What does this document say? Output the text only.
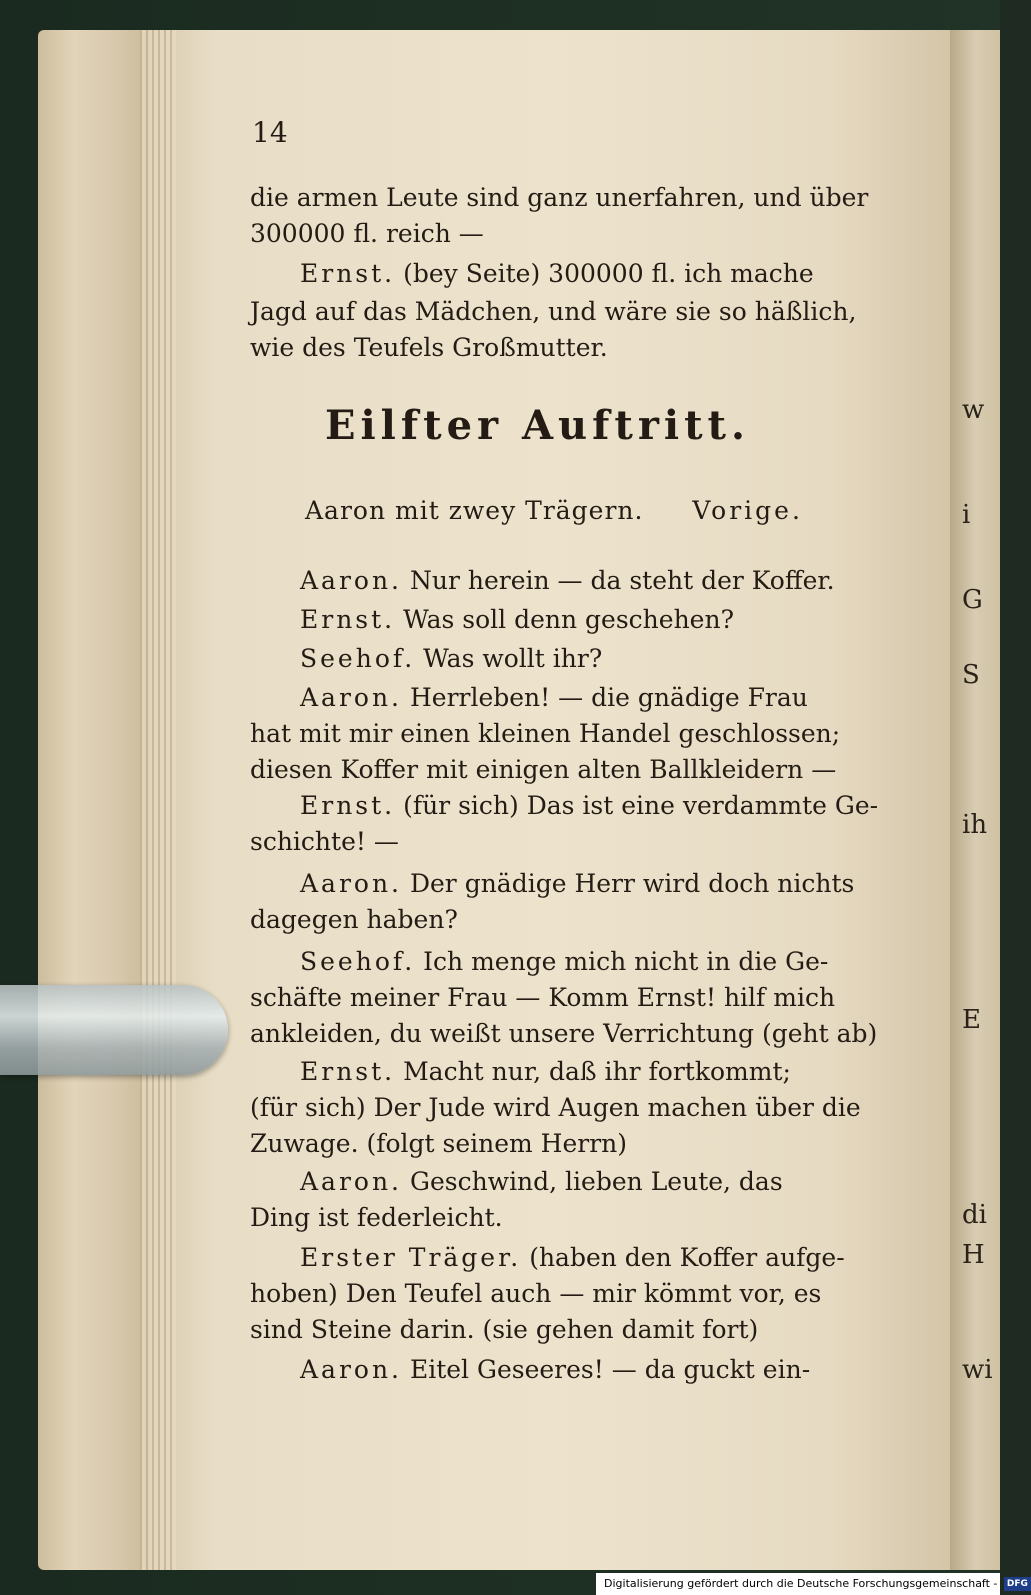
w
i
G
S
ih
E
di
H
wi
14
die armen Leute sind ganz unerfahren, und über
300000 fl. reich —
Ernst. (bey Seite) 300000 fl. ich mache
Jagd auf das Mädchen, und wäre sie so häßlich,
wie des Teufels Großmutter.
Eilfter Auftritt.
Aaron mit zwey Trägern. Vorige.
Aaron. Nur herein — da steht der Koffer.
Ernst. Was soll denn geschehen?
Seehof. Was wollt ihr?
Aaron. Herrleben! — die gnädige Frau
hat mit mir einen kleinen Handel geschlossen;
diesen Koffer mit einigen alten Ballkleidern —
Ernst. (für sich) Das ist eine verdammte Ge-
schichte! —
Aaron. Der gnädige Herr wird doch nichts
dagegen haben?
Seehof. Ich menge mich nicht in die Ge-
schäfte meiner Frau — Komm Ernst! hilf mich
ankleiden, du weißt unsere Verrichtung (geht ab)
Ernst. Macht nur, daß ihr fortkommt;
(für sich) Der Jude wird Augen machen über die
Zuwage. (folgt seinem Herrn)
Aaron. Geschwind, lieben Leute, das
Ding ist federleicht.
Erster Träger. (haben den Koffer aufge-
hoben) Den Teufel auch — mir kömmt vor, es
sind Steine darin. (sie gehen damit fort)
Aaron. Eitel Geseeres! — da guckt ein-
Digitalisierung gefördert durch die Deutsche Forschungsgemeinschaft - DFG
